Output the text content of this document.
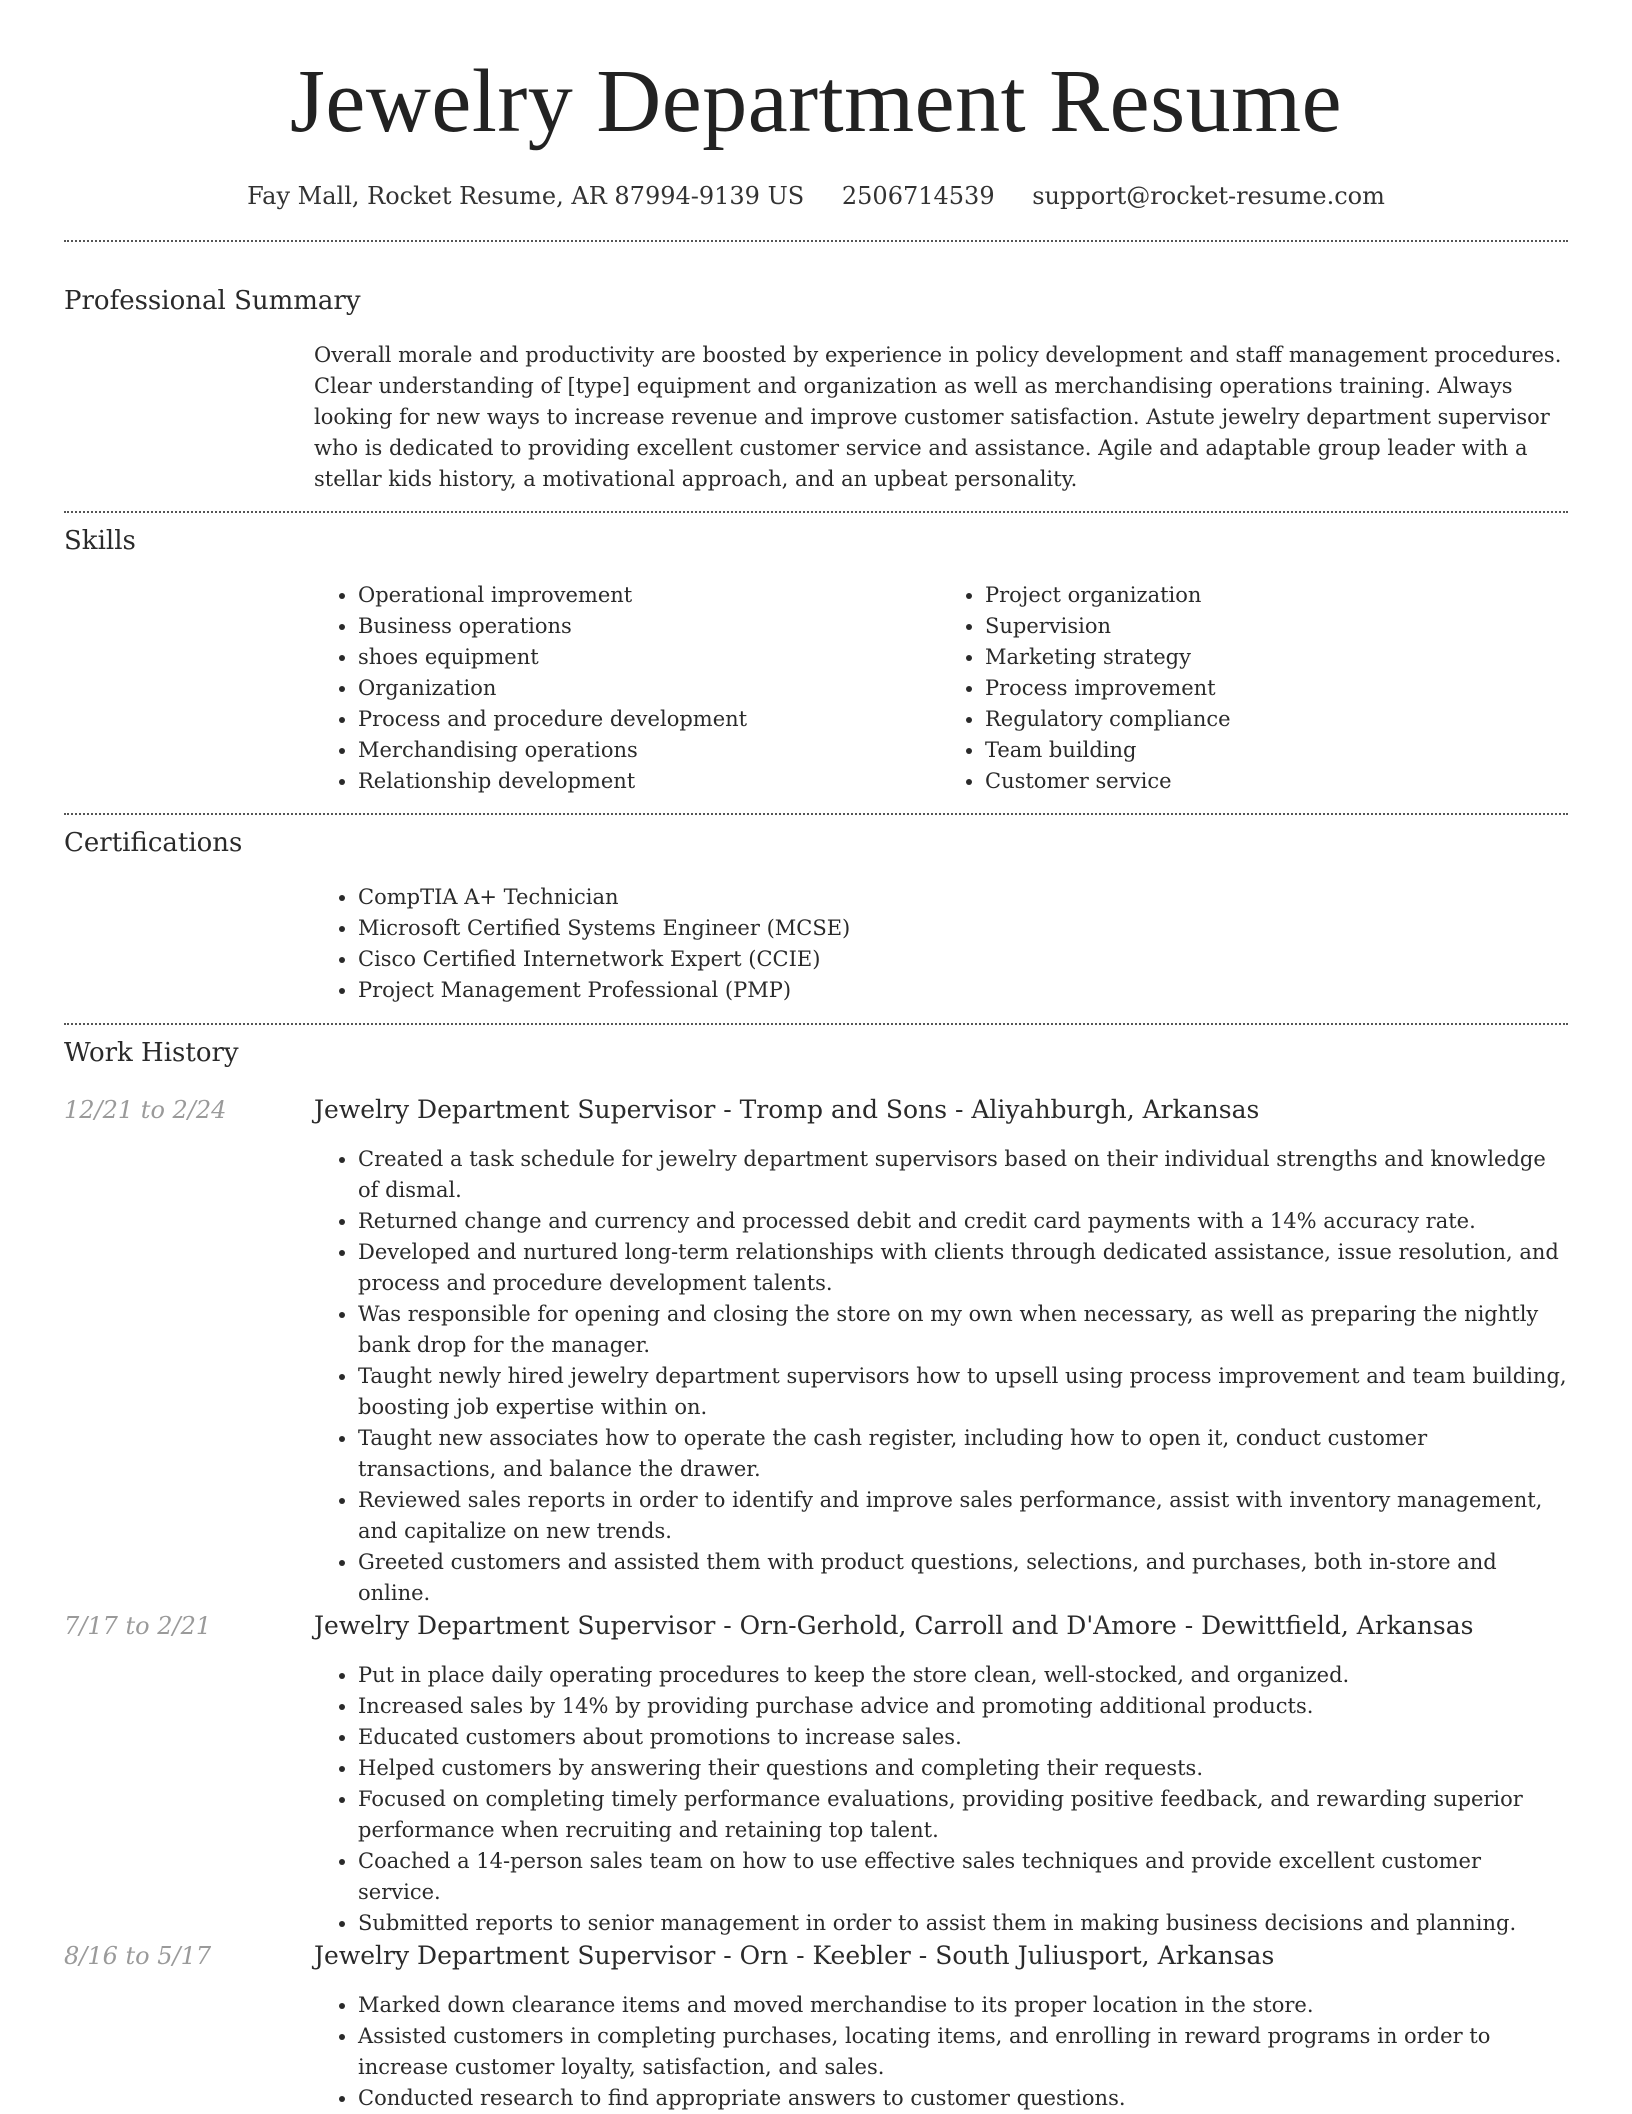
Jewelry Department Resume
Fay Mall, Rocket Resume, AR 87994-9139 US 2506714539 support@rocket-resume.com
Professional Summary

Overall morale and productivity are boosted by experience in policy development and staff management procedures. Clear understanding of [type] equipment and organization as well as merchandising operations training. Always looking for new ways to increase revenue and improve customer satisfaction. Astute jewelry department supervisor who is dedicated to providing excellent customer service and assistance. Agile and adaptable group leader with a stellar kids history, a motivational approach, and an upbeat personality.

Skills
• Operational improvement
• Business operations
• shoes equipment
• Organization
• Process and procedure development
• Merchandising operations
• Relationship development
• Project organization
• Supervision
• Marketing strategy
• Process improvement
• Regulatory compliance
• Team building
• Customer service
Certifications
• CompTIA A+ Technician
• Microsoft Certified Systems Engineer (MCSE)
• Cisco Certified Internetwork Expert (CCIE)
• Project Management Professional (PMP)
Work History
12/21 to 2/24	Jewelry Department Supervisor - Tromp and Sons - Aliyahburgh, Arkansas
• Created a task schedule for jewelry department supervisors based on their individual strengths and knowledge of dismal.
• Returned change and currency and processed debit and credit card payments with a 14% accuracy rate.
• Developed and nurtured long-term relationships with clients through dedicated assistance, issue resolution, and process and procedure development talents.
• Was responsible for opening and closing the store on my own when necessary, as well as preparing the nightly bank drop for the manager.
• Taught newly hired jewelry department supervisors how to upsell using process improvement and team building, boosting job expertise within on.
• Taught new associates how to operate the cash register, including how to open it, conduct customer transactions, and balance the drawer.
• Reviewed sales reports in order to identify and improve sales performance, assist with inventory management, and capitalize on new trends.
• Greeted customers and assisted them with product questions, selections, and purchases, both in-store and online.
7/17 to 2/21	Jewelry Department Supervisor - Orn-Gerhold, Carroll and D'Amore - Dewittfield, Arkansas
• Put in place daily operating procedures to keep the store clean, well-stocked, and organized.
• Increased sales by 14% by providing purchase advice and promoting additional products.
• Educated customers about promotions to increase sales.
• Helped customers by answering their questions and completing their requests.
• Focused on completing timely performance evaluations, providing positive feedback, and rewarding superior performance when recruiting and retaining top talent.
• Coached a 14-person sales team on how to use effective sales techniques and provide excellent customer service.
• Submitted reports to senior management in order to assist them in making business decisions and planning.
8/16 to 5/17	Jewelry Department Supervisor - Orn - Keebler - South Juliusport, Arkansas
• Marked down clearance items and moved merchandise to its proper location in the store.
• Assisted customers in completing purchases, locating items, and enrolling in reward programs in order to increase customer loyalty, satisfaction, and sales.
• Conducted research to find appropriate answers to customer questions.
